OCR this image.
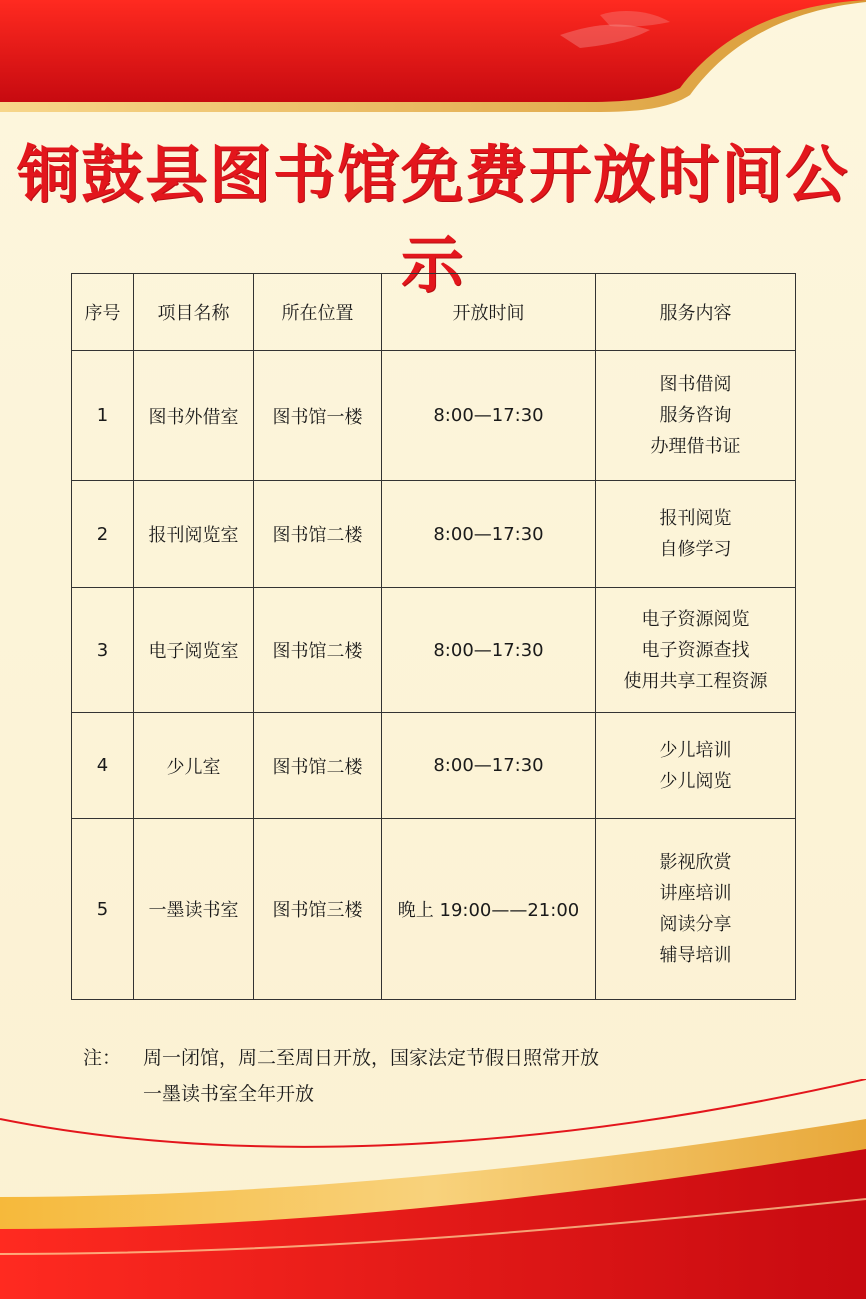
铜鼓县图书馆免费开放时间公示
序号	项目名称	所在位置	开放时间	服务内容
1	图书外借室	图书馆一楼	8:00—17:30	图书借阅
服务咨询
办理借书证

2	报刊阅览室	图书馆二楼	8:00—17:30	报刊阅览
自修学习

3	电子阅览室	图书馆二楼	8:00—17:30	电子资源阅览
电子资源查找
使用共享工程资源

4	少儿室	图书馆二楼	8:00—17:30	少儿培训
少儿阅览

5	一墨读书室	图书馆三楼	晚上 19:00——21:00	影视欣赏
讲座培训
阅读分享
辅导培训
注： 周一闭馆，周二至周日开放，国家法定节假日照常开放
一墨读书室全年开放
